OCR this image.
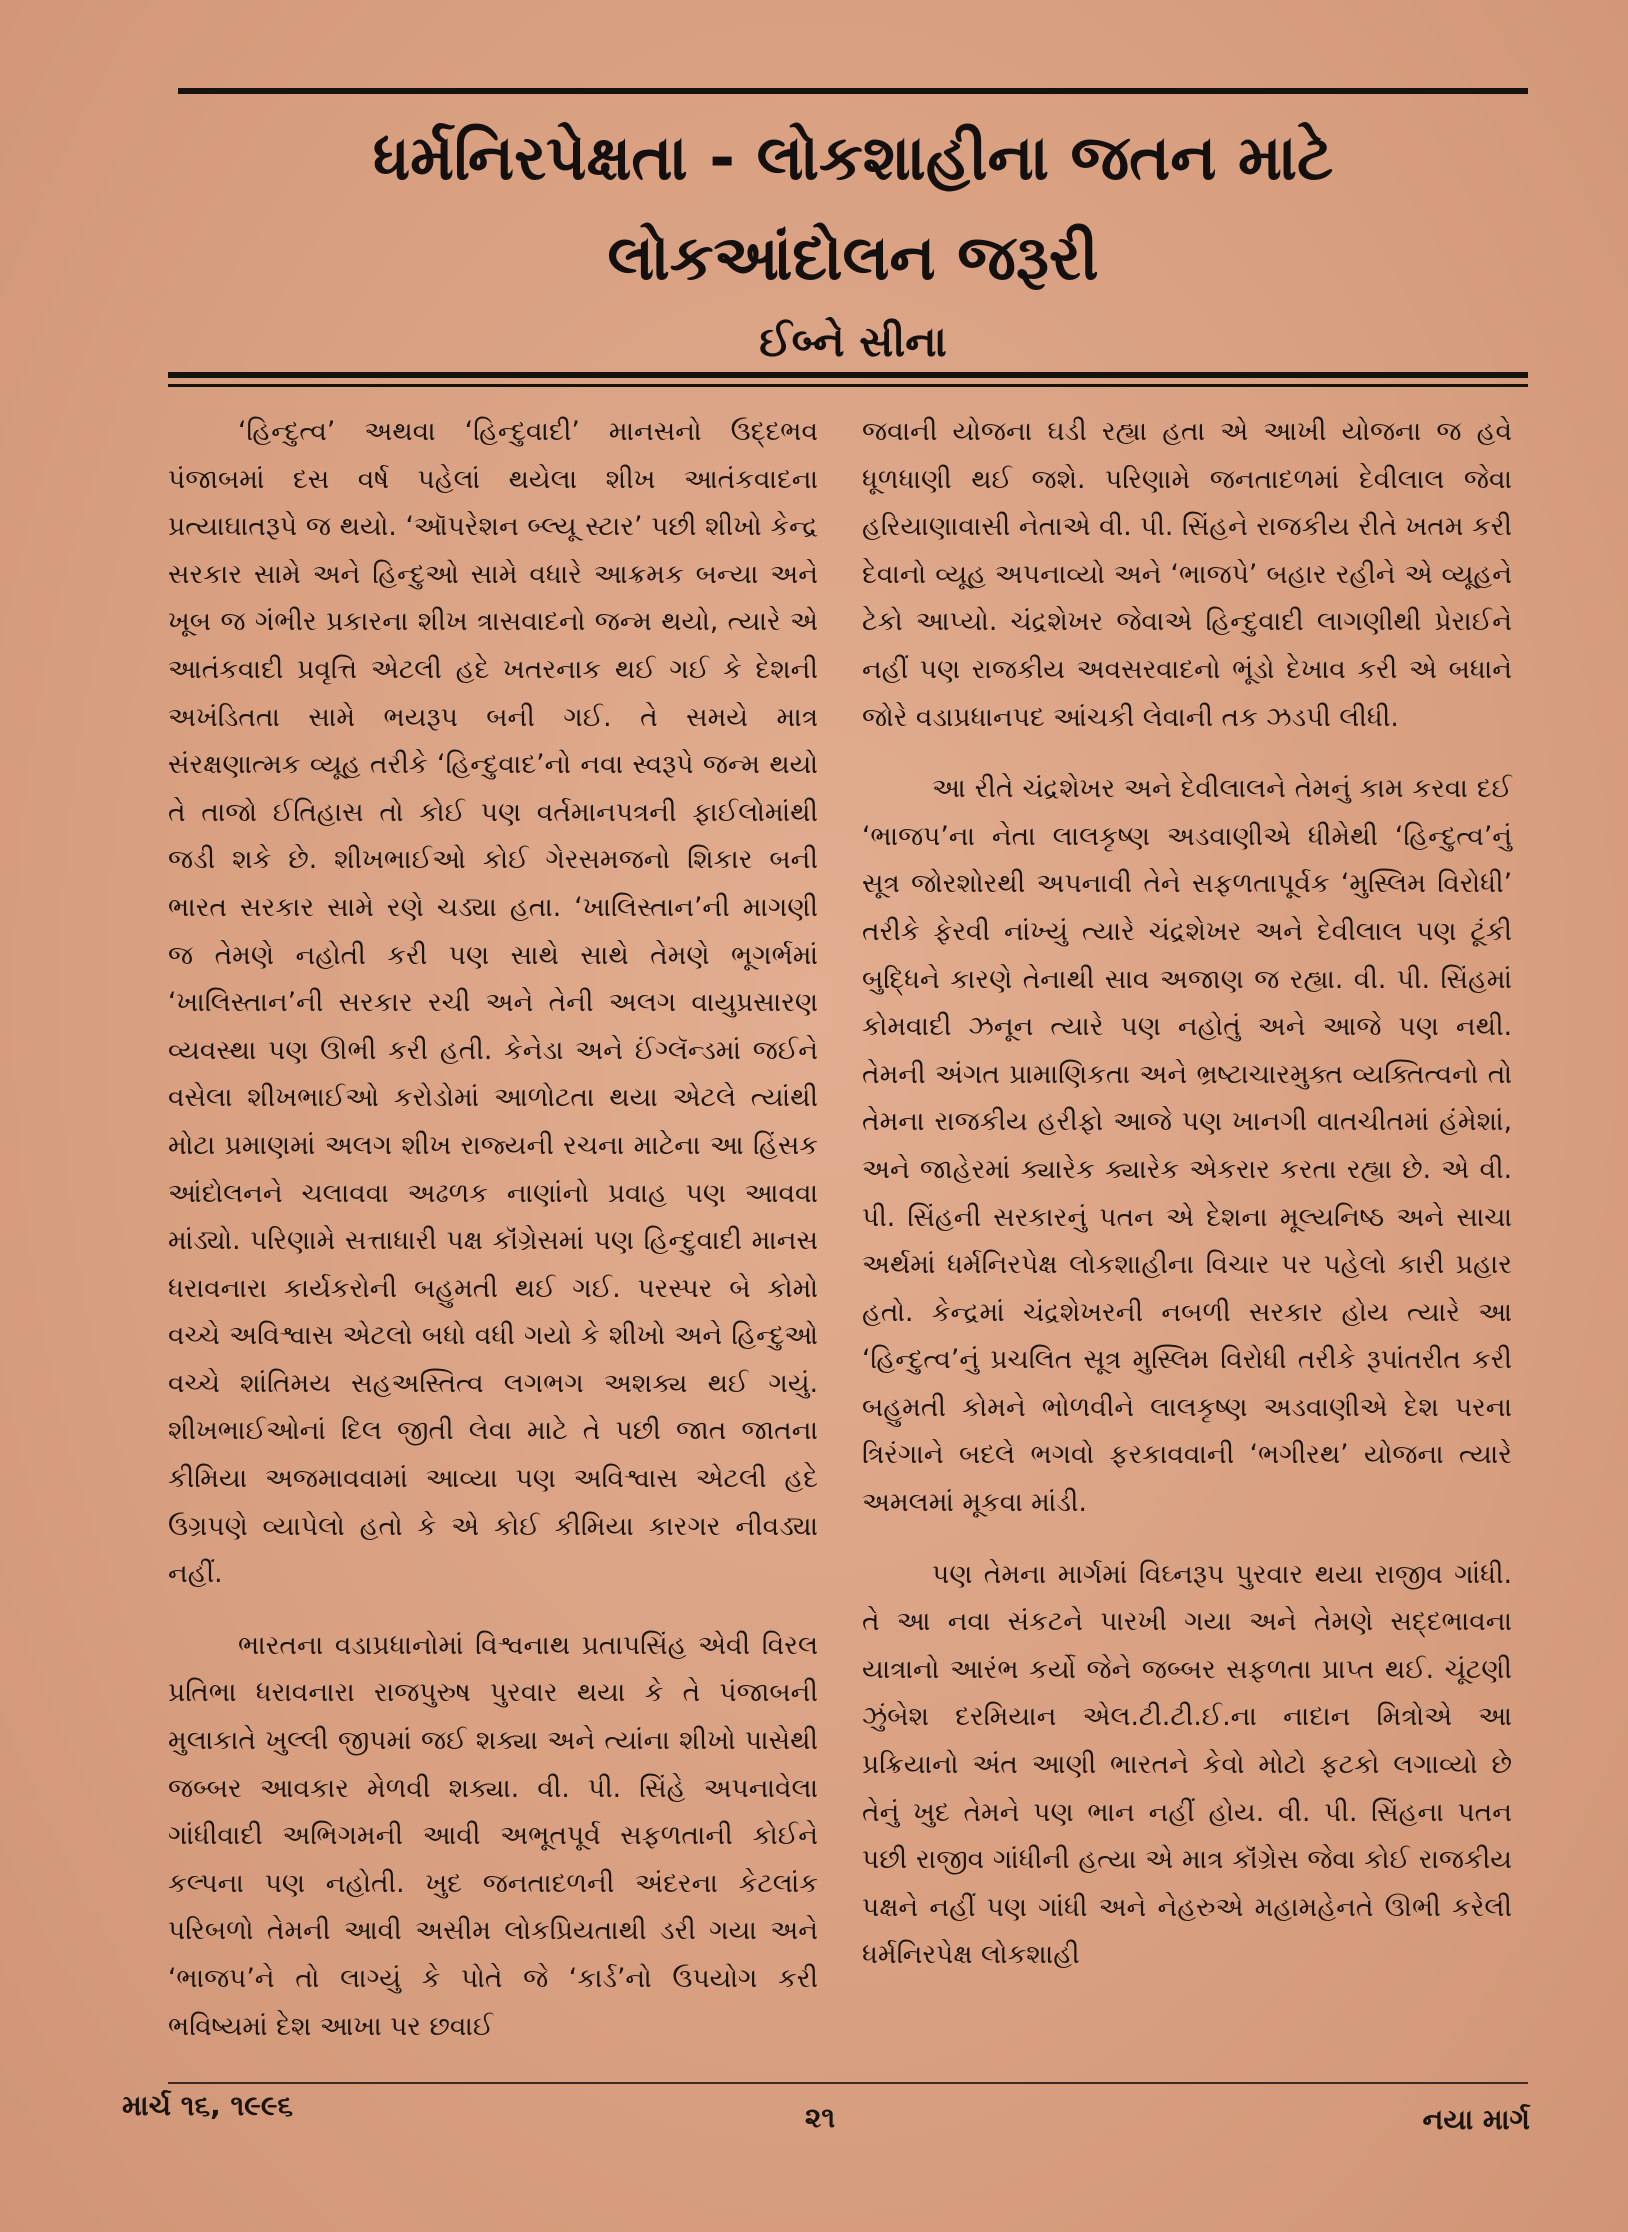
ધર્મનિરપેક્ષતા - લોકશાહીના જતન માટે
લોકઆંદોલન જરૂરી
ઈબ્ને સીના

‘હિન્દુત્વ’ અથવા ‘હિન્દુવાદી’ માનસનો ઉદ્દભવ પંજાબમાં દસ વર્ષ પહેલાં થયેલા શીખ આતંકવાદના પ્રત્યાઘાતરૂપે જ થયો. ‘ઑપરેશન બ્લ્યૂ સ્ટાર’ પછી શીખો કેન્દ્ર સરકાર સામે અને હિન્દુઓ સામે વધારે આક્રમક બન્યા અને ખૂબ જ ગંભીર પ્રકારના શીખ ત્રાસવાદનો જન્મ થયો, ત્યારે એ આતંકવાદી પ્રવૃત્તિ એટલી હદે ખતરનાક થઈ ગઈ કે દેશની અખંડિતતા સામે ભયરૂપ બની ગઈ. તે સમયે માત્ર સંરક્ષણાત્મક વ્યૂહ તરીકે ‘હિન્દુવાદ’નો નવા સ્વરૂપે જન્મ થયો તે તાજો ઈતિહાસ તો કોઈ પણ વર્તમાનપત્રની ફાઈલોમાંથી જડી શકે છે. શીખભાઈઓ કોઈ ગેરસમજનો શિકાર બની ભારત સરકાર સામે રણે ચડ્યા હતા. ‘ખાલિસ્તાન’ની માગણી જ તેમણે નહોતી કરી પણ સાથે સાથે તેમણે ભૂગર્ભમાં ‘ખાલિસ્તાન’ની સરકાર રચી અને તેની અલગ વાયુપ્રસારણ વ્યવસ્થા પણ ઊભી કરી હતી. કેનેડા અને ઈંગ્લૅન્ડમાં જઈને વસેલા શીખભાઈઓ કરોડોમાં આળોટતા થયા એટલે ત્યાંથી મોટા પ્રમાણમાં અલગ શીખ રાજ્યની રચના માટેના આ હિંસક આંદોલનને ચલાવવા અઢળક નાણાંનો પ્રવાહ પણ આવવા માંડ્યો. પરિણામે સત્તાધારી પક્ષ કૉંગ્રેસમાં પણ હિન્દુવાદી માનસ ધરાવનારા કાર્યકરોની બહુમતી થઈ ગઈ. પરસ્પર બે કોમો વચ્ચે અવિશ્વાસ એટલો બધો વધી ગયો કે શીખો અને હિન્દુઓ વચ્ચે શાંતિમય સહઅસ્તિત્વ લગભગ અશક્ય થઈ ગયું. શીખભાઈઓનાં દિલ જીતી લેવા માટે તે પછી જાત જાતના કીમિયા અજમાવવામાં આવ્યા પણ અવિશ્વાસ એટલી હદે ઉગ્રપણે વ્યાપેલો હતો કે એ કોઈ કીમિયા કારગર નીવડ્યા નહીં.

ભારતના વડાપ્રધાનોમાં વિશ્વનાથ પ્રતાપસિંહ એવી વિરલ પ્રતિભા ધરાવનારા રાજપુરુષ પુરવાર થયા કે તે પંજાબની મુલાકાતે ખુલ્લી જીપમાં જઈ શક્યા અને ત્યાંના શીખો પાસેથી જબ્બર આવકાર મેળવી શક્યા. વી. પી. સિંહે અપનાવેલા ગાંધીવાદી અભિગમની આવી અભૂતપૂર્વ સફળતાની કોઈને કલ્પના પણ નહોતી. ખુદ જનતાદળની અંદરના કેટલાંક પરિબળો તેમની આવી અસીમ લોકપ્રિયતાથી ડરી ગયા અને ‘ભાજપ’ને તો લાગ્યું કે પોતે જે ‘કાર્ડ’નો ઉપયોગ કરી ભવિષ્યમાં દેશ આખા પર છવાઈ

જવાની યોજના ઘડી રહ્યા હતા એ આખી યોજના જ હવે ધૂળધાણી થઈ જશે. પરિણામે જનતાદળમાં દેવીલાલ જેવા હરિયાણાવાસી નેતાએ વી. પી. સિંહને રાજકીય રીતે ખતમ કરી દેવાનો વ્યૂહ અપનાવ્યો અને ‘ભાજપે’ બહાર રહીને એ વ્યૂહને ટેકો આપ્યો. ચંદ્રશેખર જેવાએ હિન્દુવાદી લાગણીથી પ્રેરાઈને નહીં પણ રાજકીય અવસરવાદનો ભૂંડો દેખાવ કરી એ બધાને જોરે વડાપ્રધાનપદ આંચકી લેવાની તક ઝડપી લીધી.

આ રીતે ચંદ્રશેખર અને દેવીલાલને તેમનું કામ કરવા દઈ ‘ભાજપ’ના નેતા લાલકૃષ્ણ અડવાણીએ ધીમેથી ‘હિન્દુત્વ’નું સૂત્ર જોરશોરથી અપનાવી તેને સફળતાપૂર્વક ‘મુસ્લિમ વિરોધી’ તરીકે ફેરવી નાંખ્યું ત્યારે ચંદ્રશેખર અને દેવીલાલ પણ ટૂંકી બુદ્ધિને કારણે તેનાથી સાવ અજાણ જ રહ્યા. વી. પી. સિંહમાં કોમવાદી ઝનૂન ત્યારે પણ નહોતું અને આજે પણ નથી. તેમની અંગત પ્રામાણિકતા અને ભ્રષ્ટાચારમુક્ત વ્યક્તિત્વનો તો તેમના રાજકીય હરીફો આજે પણ ખાનગી વાતચીતમાં હંમેશાં, અને જાહેરમાં ક્યારેક ક્યારેક એકરાર કરતા રહ્યા છે. એ વી. પી. સિંહની સરકારનું પતન એ દેશના મૂલ્યનિષ્ઠ અને સાચા અર્થમાં ધર્મનિરપેક્ષ લોકશાહીના વિચાર પર પહેલો કારી પ્રહાર હતો. કેન્દ્રમાં ચંદ્રશેખરની નબળી સરકાર હોય ત્યારે આ ‘હિન્દુત્વ’નું પ્રચલિત સૂત્ર મુસ્લિમ વિરોધી તરીકે રૂપાંતરીત કરી બહુમતી કોમને ભોળવીને લાલકૃષ્ણ અડવાણીએ દેશ પરના ત્રિરંગાને બદલે ભગવો ફરકાવવાની ‘ભગીરથ’ યોજના ત્યારે અમલમાં મૂકવા માંડી.

પણ તેમના માર્ગમાં વિઘ્નરૂપ પુરવાર થયા રાજીવ ગાંધી. તે આ નવા સંકટને પારખી ગયા અને તેમણે સદ્દભાવના યાત્રાનો આરંભ કર્યો જેને જબ્બર સફળતા પ્રાપ્ત થઈ. ચૂંટણી ઝુંબેશ દરમિયાન એલ.ટી.ટી.ઈ.ના નાદાન મિત્રોએ આ પ્રક્રિયાનો અંત આણી ભારતને કેવો મોટો ફટકો લગાવ્યો છે તેનું ખુદ તેમને પણ ભાન નહીં હોય. વી. પી. સિંહના પતન પછી રાજીવ ગાંધીની હત્યા એ માત્ર કૉંગ્રેસ જેવા કોઈ રાજકીય પક્ષને નહીં પણ ગાંધી અને નેહરુએ મહામહેનતે ઊભી કરેલી ધર્મનિરપેક્ષ લોકશાહી

માર્ચ ૧૬, ૧૯૯૬	૨૧	નયા માર્ગ
